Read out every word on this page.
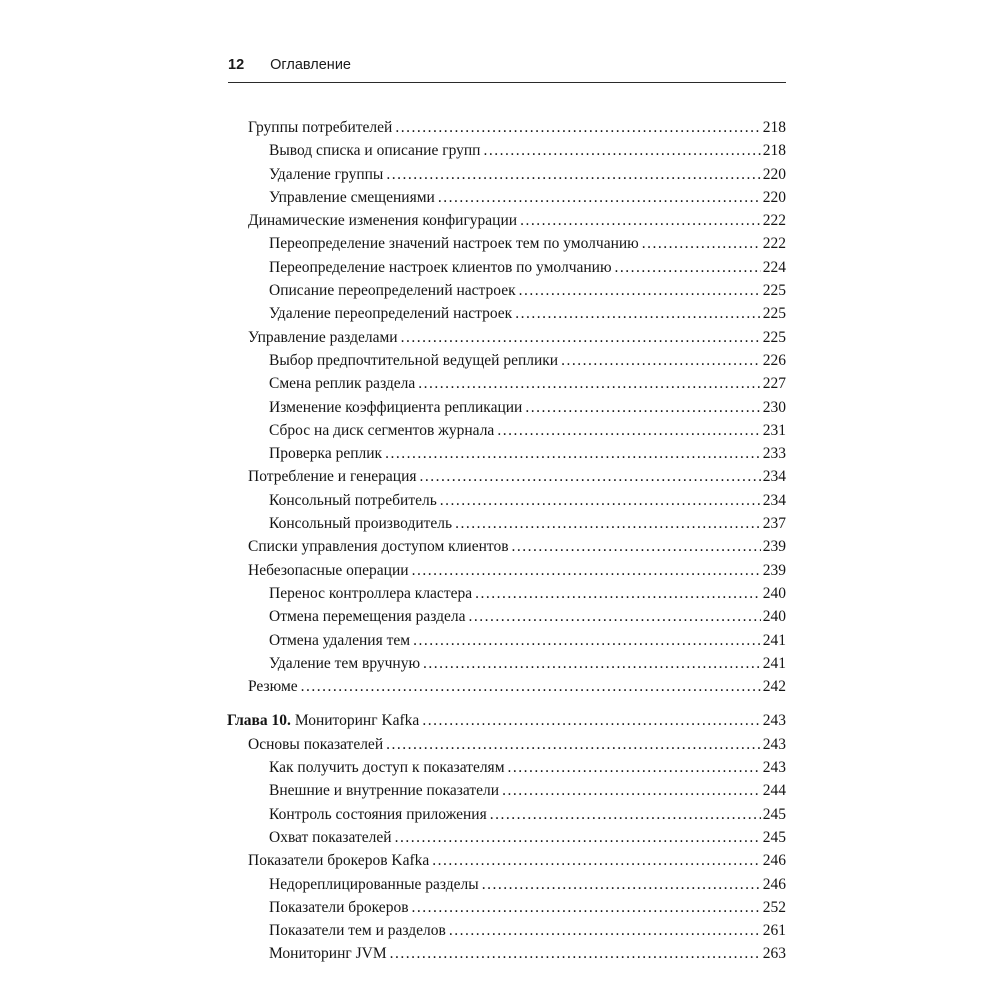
12 Оглавление
Группы потребителей .....	218
Вывод списка и описание групп .....	218
Удаление группы .....	220
Управление смещениями .....	220
Динамические изменения конфигурации .....	222
Переопределение значений настроек тем по умолчанию .....	222
Переопределение настроек клиентов по умолчанию .....	224
Описание переопределений настроек .....	225
Удаление переопределений настроек .....	225
Управление разделами .....	225
Выбор предпочтительной ведущей реплики .....	226
Смена реплик раздела .....	227
Изменение коэффициента репликации .....	230
Сброс на диск сегментов журнала .....	231
Проверка реплик .....	233
Потребление и генерация .....	234
Консольный потребитель .....	234
Консольный производитель .....	237
Списки управления доступом клиентов .....	239
Небезопасные операции .....	239
Перенос контроллера кластера .....	240
Отмена перемещения раздела .....	240
Отмена удаления тем .....	241
Удаление тем вручную .....	241
Резюме .....	242
Глава 10. Мониторинг Kafka .....	243
Основы показателей .....	243
Как получить доступ к показателям .....	243
Внешние и внутренние показатели .....	244
Контроль состояния приложения .....	245
Охват показателей .....	245
Показатели брокеров Kafka .....	246
Недореплицированные разделы .....	246
Показатели брокеров .....	252
Показатели тем и разделов .....	261
Мониторинг JVM .....	263
